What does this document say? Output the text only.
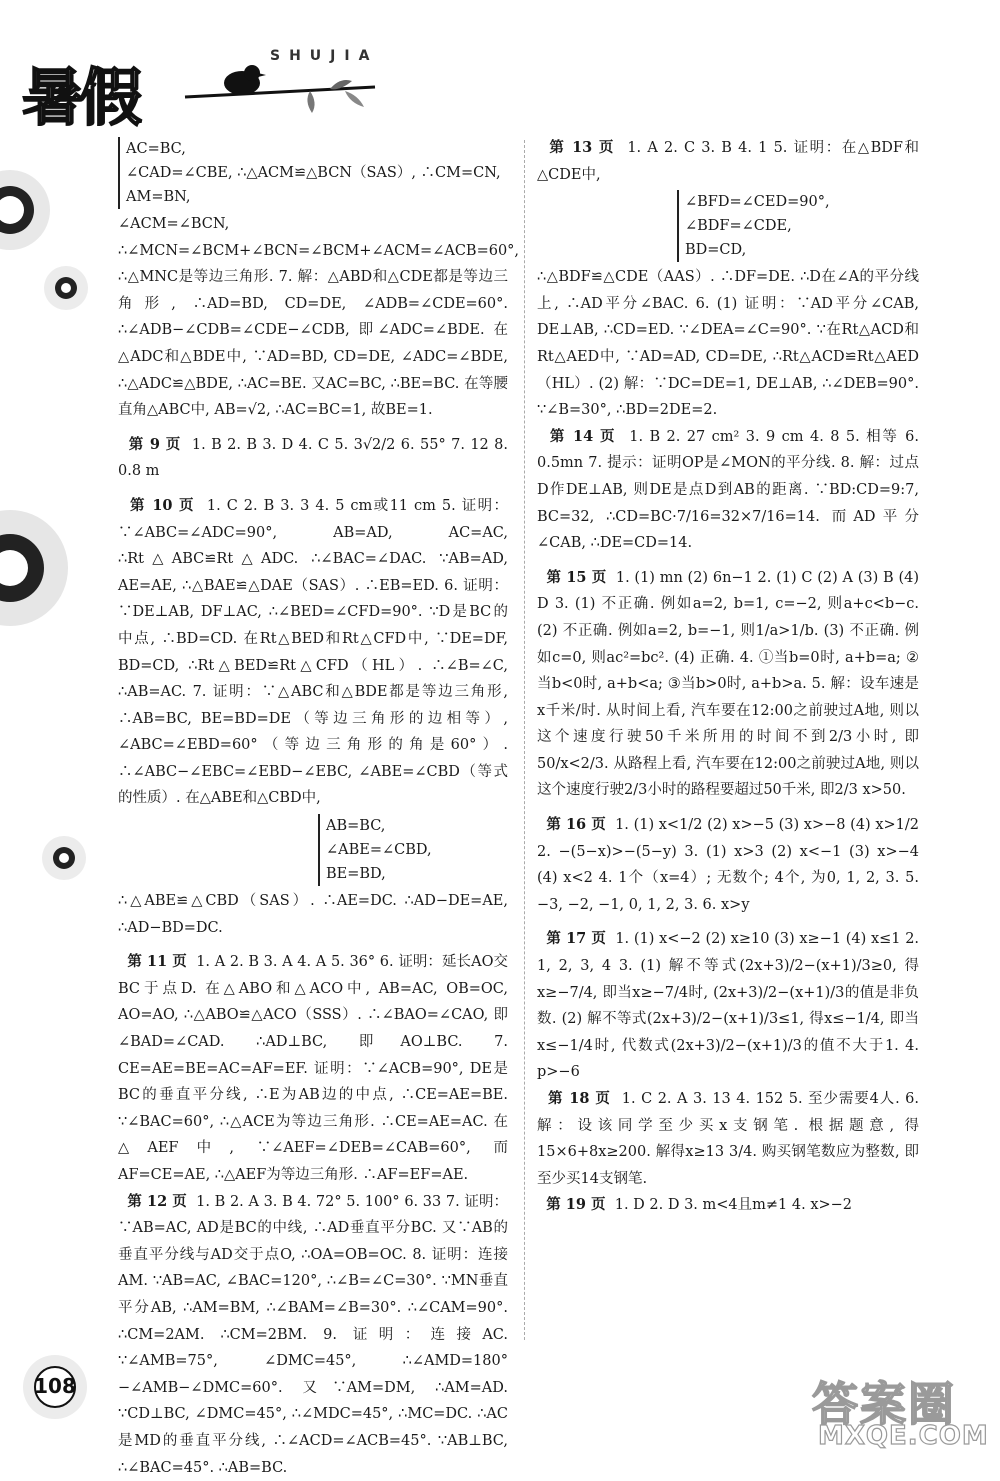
暑假
SHUJIA
108	答案圈
MXQE.COM
AC=BC,
∠CAD=∠CBE, ∴△ACM≌△BCN（SAS）, ∴CM=CN,
AM=BN,

∠ACM=∠BCN, ∴∠MCN=∠BCM+∠BCN=∠BCM+∠ACM=∠ACB=60°, ∴△MNC是等边三角形. 7. 解：△ABD和△CDE都是等边三角形, ∴AD=BD, CD=DE, ∠ADB=∠CDE=60°. ∴∠ADB−∠CDB=∠CDE−∠CDB, 即∠ADC=∠BDE. 在△ADC和△BDE中, ∵AD=BD, CD=DE, ∠ADC=∠BDE, ∴△ADC≌△BDE, ∴AC=BE. 又AC=BC, ∴BE=BC. 在等腰直角△ABC中, AB=√2, ∴AC=BC=1, 故BE=1.

第 9 页 1. B 2. B 3. D 4. C 5. 3√2/2 6. 55° 7. 12 8. 0.8 m

第 10 页 1. C 2. B 3. 3 4. 5 cm或11 cm 5. 证明：∵∠ABC=∠ADC=90°, AB=AD, AC=AC, ∴Rt△ABC≌Rt△ADC. ∴∠BAC=∠DAC. ∵AB=AD, AE=AE, ∴△BAE≌△DAE（SAS）. ∴EB=ED. 6. 证明：∵DE⊥AB, DF⊥AC, ∴∠BED=∠CFD=90°. ∵D是BC的中点, ∴BD=CD. 在Rt△BED和Rt△CFD中, ∵DE=DF, BD=CD, ∴Rt△BED≌Rt△CFD（HL）. ∴∠B=∠C, ∴AB=AC. 7. 证明：∵△ABC和△BDE都是等边三角形, ∴AB=BC, BE=BD=DE（等边三角形的边相等）, ∠ABC=∠EBD=60°（等边三角形的角是60°）. ∴∠ABC−∠EBC=∠EBD−∠EBC, ∠ABE=∠CBD（等式的性质）. 在△ABE和△CBD中,

AB=BC,
∠ABE=∠CBD,
BE=BD,

∴△ABE≌△CBD（SAS）. ∴AE=DC. ∴AD−DE=AE, ∴AD−BD=DC.

第 11 页 1. A 2. B 3. A 4. A 5. 36° 6. 证明：延长AO交BC于点D. 在△ABO和△ACO中, AB=AC, OB=OC, AO=AO, ∴△ABO≌△ACO（SSS）. ∴∠BAO=∠CAO, 即∠BAD=∠CAD. ∴AD⊥BC, 即AO⊥BC. 7. CE=AE=BE=AC=AF=EF. 证明：∵∠ACB=90°, DE是BC的垂直平分线, ∴E为AB边的中点, ∴CE=AE=BE. ∵∠BAC=60°, ∴△ACE为等边三角形. ∴CE=AE=AC. 在△AEF中, ∵∠AEF=∠DEB=∠CAB=60°, 而AF=CE=AE, ∴△AEF为等边三角形. ∴AF=EF=AE.

第 12 页 1. B 2. A 3. B 4. 72° 5. 100° 6. 33 7. 证明：∵AB=AC, AD是BC的中线, ∴AD垂直平分BC. 又∵AB的垂直平分线与AD交于点O, ∴OA=OB=OC. 8. 证明：连接AM. ∵AB=AC, ∠BAC=120°, ∴∠B=∠C=30°. ∵MN垂直平分AB, ∴AM=BM, ∴∠BAM=∠B=30°. ∴∠CAM=90°. ∴CM=2AM. ∴CM=2BM. 9. 证明：连接AC. ∵∠AMB=75°, ∠DMC=45°, ∴∠AMD=180°−∠AMB−∠DMC=60°. 又∵AM=DM, ∴AM=AD. ∵CD⊥BC, ∠DMC=45°, ∴∠MDC=45°, ∴MC=DC. ∴AC是MD的垂直平分线, ∴∠ACD=∠ACB=45°. ∵AB⊥BC, ∴∠BAC=45°. ∴AB=BC.

第 13 页 1. A 2. C 3. B 4. 1 5. 证明：在△BDF和△CDE中,

∠BFD=∠CED=90°,
∠BDF=∠CDE,
BD=CD,

∴△BDF≌△CDE（AAS）. ∴DF=DE. ∴D在∠A的平分线上, ∴AD平分∠BAC. 6. (1) 证明：∵AD平分∠CAB, DE⊥AB, ∴CD=ED. ∵∠DEA=∠C=90°. ∵在Rt△ACD和Rt△AED中, ∵AD=AD, CD=DE, ∴Rt△ACD≌Rt△AED（HL）. (2) 解：∵DC=DE=1, DE⊥AB, ∴∠DEB=90°. ∵∠B=30°, ∴BD=2DE=2.

第 14 页 1. B 2. 27 cm² 3. 9 cm 4. 8 5. 相等 6. 0.5mn 7. 提示：证明OP是∠MON的平分线. 8. 解：过点D作DE⊥AB, 则DE是点D到AB的距离. ∵BD:CD=9:7, BC=32, ∴CD=BC·7/16=32×7/16=14. 而AD平分∠CAB, ∴DE=CD=14.

第 15 页 1. (1) mn (2) 6n−1 2. (1) C (2) A (3) B (4) D 3. (1) 不正确. 例如a=2, b=1, c=−2, 则a+c<b−c. (2) 不正确. 例如a=2, b=−1, 则1/a>1/b. (3) 不正确. 例如c=0, 则ac²=bc². (4) 正确. 4. ①当b=0时, a+b=a; ②当b<0时, a+b<a; ③当b>0时, a+b>a. 5. 解：设车速是x千米/时. 从时间上看, 汽车要在12:00之前驶过A地, 则以这个速度行驶50千米所用的时间不到2/3小时, 即50/x<2/3. 从路程上看, 汽车要在12:00之前驶过A地, 则以这个速度行驶2/3小时的路程要超过50千米, 即2/3 x>50.

第 16 页 1. (1) x<1/2 (2) x>−5 (3) x>−8 (4) x>1/2 2. −(5−x)>−(5−y) 3. (1) x>3 (2) x<−1 (3) x>−4 (4) x<2 4. 1个（x=4）; 无数个; 4个, 为0, 1, 2, 3. 5. −3, −2, −1, 0, 1, 2, 3. 6. x>y

第 17 页 1. (1) x<−2 (2) x≥10 (3) x≥−1 (4) x≤1 2. 1, 2, 3, 4 3. (1) 解不等式(2x+3)/2−(x+1)/3≥0, 得x≥−7/4, 即当x≥−7/4时, (2x+3)/2−(x+1)/3的值是非负数. (2) 解不等式(2x+3)/2−(x+1)/3≤1, 得x≤−1/4, 即当x≤−1/4时, 代数式(2x+3)/2−(x+1)/3的值不大于1. 4. p>−6

第 18 页 1. C 2. A 3. 13 4. 152 5. 至少需要4人. 6. 解：设该同学至少买x支钢笔. 根据题意, 得15×6+8x≥200. 解得x≥13 3/4. 购买钢笔数应为整数, 即至少买14支钢笔.

第 19 页 1. D 2. D 3. m<4且m≠1 4. x>−2
